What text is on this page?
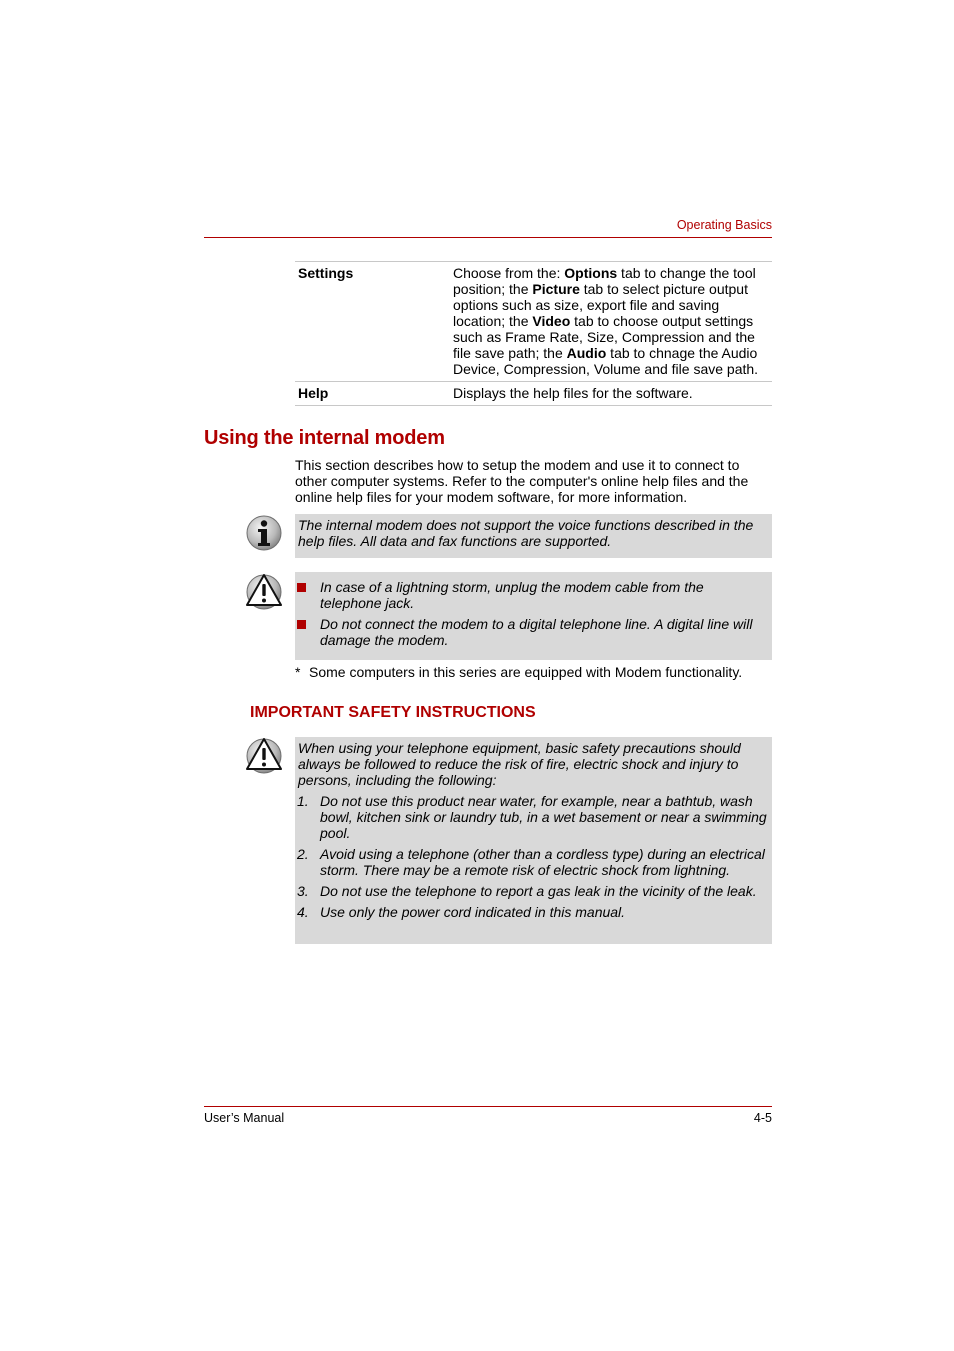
Operating Basics
Settings	Choose from the: Options tab to change the tool position; the Picture tab to select picture output options such as size, export file and saving location; the Video tab to choose output settings such as Frame Rate, Size, Compression and the file save path; the Audio tab to chnage the Audio Device, Compression, Volume and file save path.
Help	Displays the help files for the software.
Using the internal modem
This section describes how to setup the modem and use it to connect to other computer systems. Refer to the computer's online help files and the online help files for your modem software, for more information.
The internal modem does not support the voice functions described in the help files. All data and fax functions are supported.
In case of a lightning storm, unplug the modem cable from the telephone jack.
Do not connect the modem to a digital telephone line. A digital line will damage the modem.
* Some computers in this series are equipped with Modem functionality.
IMPORTANT SAFETY INSTRUCTIONS
When using your telephone equipment, basic safety precautions should always be followed to reduce the risk of fire, electric shock and injury to persons, including the following:
1. Do not use this product near water, for example, near a bathtub, wash bowl, kitchen sink or laundry tub, in a wet basement or near a swimming pool.
2. Avoid using a telephone (other than a cordless type) during an electrical storm. There may be a remote risk of electric shock from lightning.
3. Do not use the telephone to report a gas leak in the vicinity of the leak.
4. Use only the power cord indicated in this manual.
User’s Manual	4-5
